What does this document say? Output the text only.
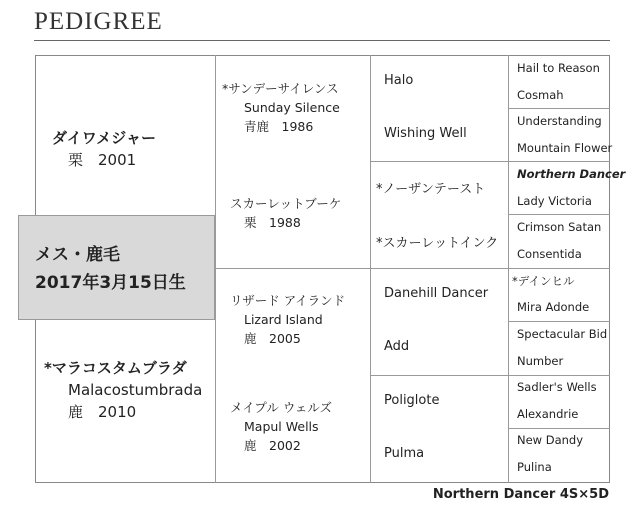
PEDIGREE
ダイワメジャー
栗　2001
メス・鹿毛
2017年3月15日生
*マラコスタムブラダ
Malacostumbrada
鹿　2010
*サンデーサイレンス
Sunday Silence
青鹿　1986
スカーレットブーケ
栗　1988
リザード アイランド
Lizard Island
鹿　2005
メイプル ウェルズ
Mapul Wells
鹿　2002
Halo
Wishing Well
*ノーザンテースト
*スカーレットインク
Danehill Dancer
Add
Poliglote
Pulma
Hail to Reason
Cosmah
Understanding
Mountain Flower
Northern Dancer
Lady Victoria
Crimson Satan
Consentida
*デインヒル
Mira Adonde
Spectacular Bid
Number
Sadler's Wells
Alexandrie
New Dandy
Pulina
Northern Dancer 4S×5D
